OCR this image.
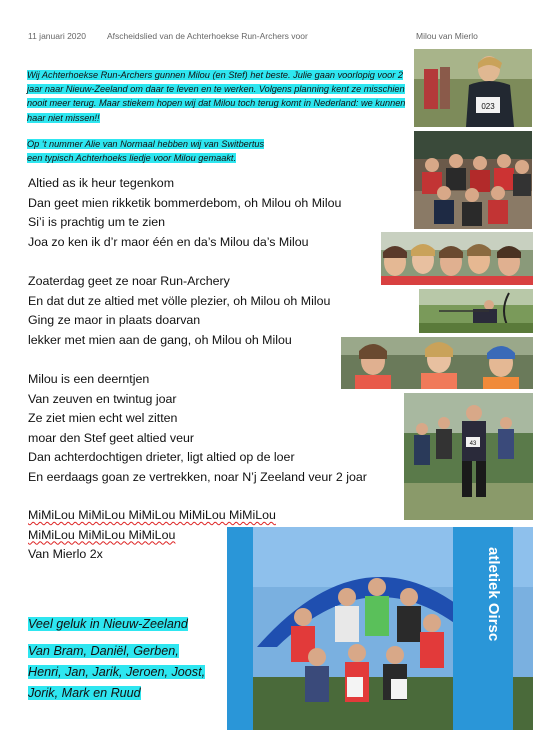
11 januari 2020 Afscheidslied van de Achterhoekse Run-Archers voor	Milou van Mierlo
Wij Achterhoekse Run-Archers gunnen Milou (en Stef) het beste. Julie gaan voorlopig voor 2 jaar naar Nieuw-Zeeland om daar te leven en te werken. Volgens planning kent ze misschien nooit meer terug. Maar stiekem hopen wij dat Milou toch terug komt in Nederland: we kunnen haar niet missen!!
Op ‘t nummer Alie van Normaal hebben wij van Switbertus
een typisch Achterhoeks liedje voor Milou gemaakt.
Altied as ik heur tegenkom
Dan geet mien rikketik bommerdebom, oh Milou oh Milou
Si’i is prachtig um te zien
Joa zo ken ik d’r maor één en da’s Milou da’s Milou
Zoaterdag geet ze noar Run-Archery
En dat dut ze altied met völle plezier, oh Milou oh Milou
Ging ze maor in plaats doarvan
lekker met mien aan de gang, oh Milou oh Milou
Milou is een deerntjen
Van zeuven en twintug joar
Ze ziet mien echt wel zitten
moar den Stef geet altied veur
Dan achterdochtigen drieter, ligt altied op de loer
En eerdaags goan ze vertrekken, noar N’j Zeeland veur 2 joar
MiMiLou MiMiLou MiMiLou MiMiLou MiMiLou
MiMiLou MiMiLou MiMiLou
Van Mierlo 2x
Veel geluk in Nieuw-Zeeland

Van Bram, Daniël, Gerben,
Henri, Jan, Jarik, Jeroen, Joost,
Jorik, Mark en Ruud
023
43
atletiek Oirsc
